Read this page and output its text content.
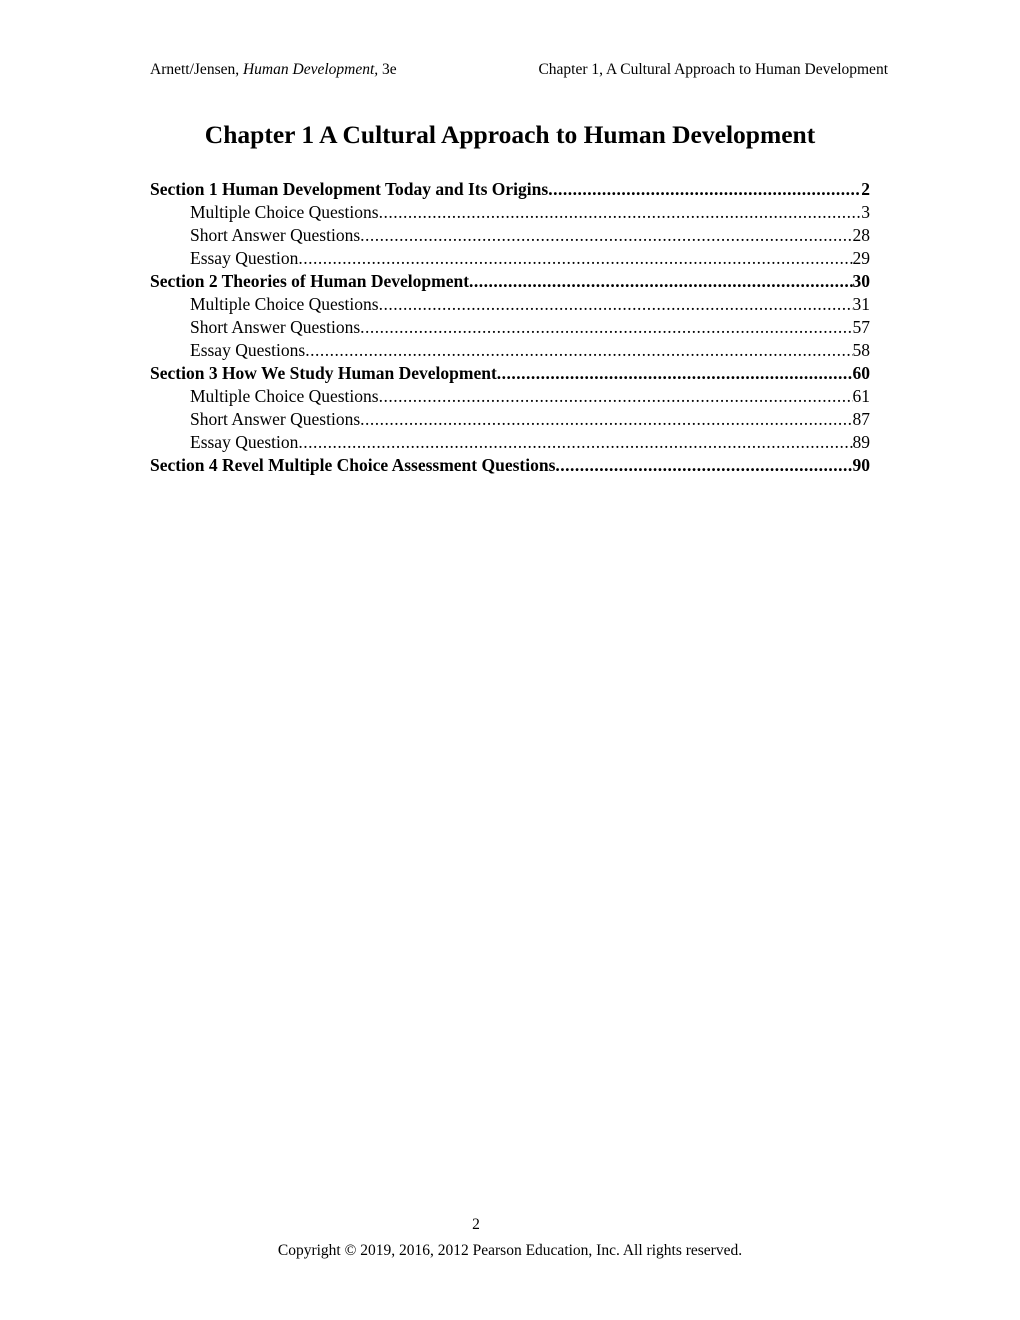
Arnett/Jensen, Human Development, 3e	Chapter 1, A Cultural Approach to Human Development
Chapter 1 A Cultural Approach to Human Development
Section 1 Human Development Today and Its Origins .....	2
Multiple Choice Questions .....	3
Short Answer Questions .....	28
Essay Question .....	29
Section 2 Theories of Human Development .....	30
Multiple Choice Questions .....	31
Short Answer Questions .....	57
Essay Questions .....	58
Section 3 How We Study Human Development .....	60
Multiple Choice Questions .....	61
Short Answer Questions .....	87
Essay Question .....	89
Section 4 Revel Multiple Choice Assessment Questions .....	90
2
Copyright © 2019, 2016, 2012 Pearson Education, Inc. All rights reserved.
